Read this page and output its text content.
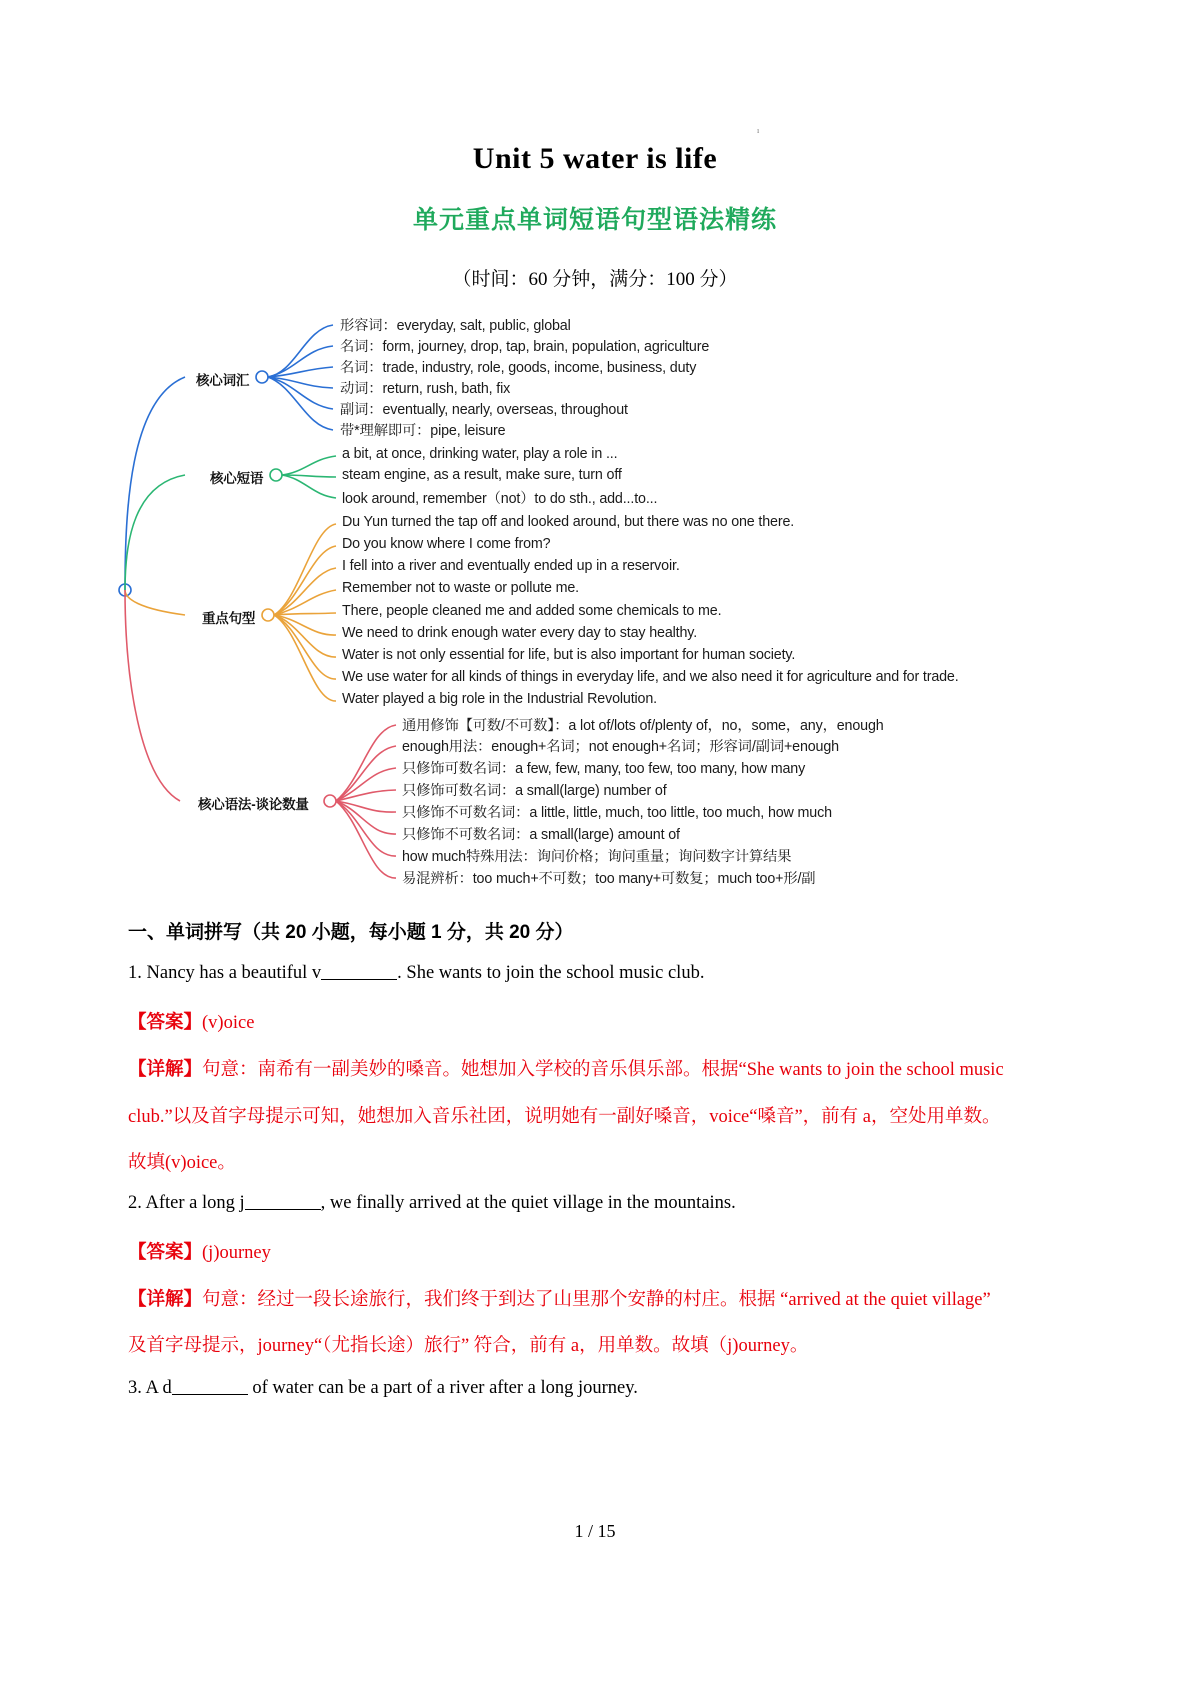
ı
Unit 5 water is life
单元重点单词短语句型语法精练
（时间：60 分钟，满分：100 分）
核心词汇
核心短语
重点句型
核心语法-谈论数量
形容词：everyday, salt, public, global
名词：form, journey, drop, tap, brain, population, agriculture
名词：trade, industry, role, goods, income, business, duty
动词：return, rush, bath, fix
副词：eventually, nearly, overseas, throughout
带*理解即可：pipe, leisure
a bit, at once, drinking water, play a role in ...
steam engine, as a result, make sure, turn off
look around, remember（not）to do sth., add...to...
Du Yun turned the tap off and looked around, but there was no one there.
Do you know where I come from?
I fell into a river and eventually ended up in a reservoir.
Remember not to waste or pollute me.
There, people cleaned me and added some chemicals to me.
We need to drink enough water every day to stay healthy.
Water is not only essential for life, but is also important for human society.
We use water for all kinds of things in everyday life, and we also need it for agriculture and for trade.
Water played a big role in the Industrial Revolution.
通用修饰【可数/不可数】：a lot of/lots of/plenty of，no，some，any，enough
enough用法：enough+名词；not enough+名词；形容词/副词+enough
只修饰可数名词：a few, few, many, too few, too many, how many
只修饰可数名词：a small(large) number of
只修饰不可数名词：a little, little, much, too little, too much, how much
只修饰不可数名词：a small(large) amount of
how much特殊用法：询问价格；询问重量；询问数字计算结果
易混辨析：too much+不可数；too many+可数复；much too+形/副
一、单词拼写（共 20 小题，每小题 1 分，共 20 分）
1. Nancy has a beautiful v	. She wants to join the school music club.
【答案】(v)oice
【详解】句意：南希有一副美妙的嗓音。她想加入学校的音乐俱乐部。根据“She wants to join the school music
club.”以及首字母提示可知，她想加入音乐社团，说明她有一副好嗓音，voice“嗓音”，前有 a，空处用单数。
故填(v)oice。
2. After a long j	, we finally arrived at the quiet village in the mountains.
【答案】(j)ourney
【详解】句意：经过一段长途旅行，我们终于到达了山里那个安静的村庄。根据 “arrived at the quiet village”
及首字母提示，journey“（尤指长途）旅行” 符合，前有 a，用单数。故填（j)ourney。
3. A d	of water can be a part of a river after a long journey.
1 / 15
